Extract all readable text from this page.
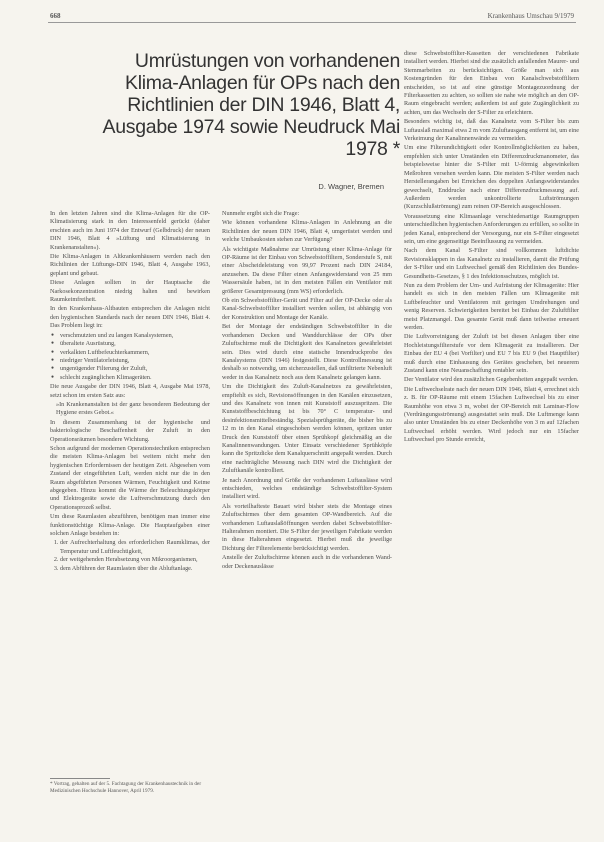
668	Krankenhaus Umschau 9/1979
Umrüstungen von vorhandenen
Klima-Anlagen für OPs nach den
Richtlinien der DIN 1946, Blatt 4,
Ausgabe 1974 sowie Neudruck Mai 1978 *
D. Wagner, Bremen

In den letzten Jahren sind die Klima-Anlagen für die OP-Klimatisierung stark in den Interessenfeld gerückt (daher erschien auch im Juni 1974 der Entwurf (Gelbdruck) der neuen DIN 1946, Blatt 4 »Lüftung und Klimatisierung in Krankenanstalten«).

Die Klima-Anlagen in Altkrankenhäusern werden nach den Richtlinien der Lüftungs-DIN 1946, Blatt 4, Ausgabe 1963, geplant und gebaut.

Diese Anlagen sollten in der Hauptsache die Narkosekonzentration niedrig halten und bewirken Raumkeimfreiheit.

In den Krankenhaus-Altbauten entsprechen die Anlagen nicht den hygienischen Standards nach der neuen DIN 1946, Blatt 4. Das Problem liegt in:

● verschmutzten und zu langen Kanalsystemen,
● überaltete Ausrüstung,
● verkalkten Luftbefeuchterkammern,
● niedriger Ventilatorleistung,
● ungenügender Filterung der Zuluft,
● schlecht zugänglichen Klimageräten.

Die neue Ausgabe der DIN 1946, Blatt 4, Ausgabe Mai 1978, setzt schon im ersten Satz aus:

»In Krankenanstalten ist der ganz besonderen Bedeutung der Hygiene erstes Gebot.«

In diesem Zusammenhang ist der hygienische und bakteriologische Beschaffenheit der Zuluft in den Operationsräumen besondere Wichtung.

Schon aufgrund der modernen Operationstechniken entsprechen die meisten Klima-Anlagen bei weitem nicht mehr den hygienischen Erfordernissen der heutigen Zeit. Abgesehen vom Zustand der eingeführten Luft, werden nicht nur die in den Raum abgeführten Personen Wärmen, Feuchtigkeit und Keime abgegeben. Hinzu kommt die Wärme der Beleuchtungskörper und Elektrogeräte sowie die Luftverschmutzung durch den Operationsprozeß selbst.

Um diese Raumlasten abzuführen, benötigen man immer eine funktionstüchtige Klima-Anlage. Die Hauptaufgaben einer solchen Anlage bestehen in:

1. der Aufrechterhaltung des erforderlichen Raumklimas, der Temperatur und Luftfeuchtigkeit,
2. der weitgehenden Herabsetzung von Mikroorganismen,
3. dem Abführen der Raumlasten über die Abluftanlage.
* Vortrag, gehalten auf der 5. Fachtagung der Krankenhaustechnik in der Medizinischen Hochschule Hannover, April 1979.

Nunmehr ergibt sich die Frage:

Wie können vorhandene Klima-Anlagen in Anlehnung an die Richtlinien der neuen DIN 1946, Blatt 4, umgerüstet werden und welche Umbaukosten stehen zur Verfügung?

Als wichtigste Maßnahme zur Umrüstung einer Klima-Anlage für OP-Räume ist der Einbau von Schwebstoffiltern, Sonderstufe S, mit einer Abscheideleistung von 99,97 Prozent nach DIN 24184, anzusehen. Da diese Filter einen Anfangswiderstand von 25 mm Wassersäule haben, ist in den meisten Fällen ein Ventilator mit größerer Gesamtpressung (mm WS) erforderlich.

Ob ein Schwebstoffilter-Gerät und Filter auf der OP-Decke oder als Kanal-Schwebstoffilter installiert werden sollen, ist abhängig von der Konstruktion und Montage der Kanäle.

Bei der Montage der endständigen Schwebstoffilter in die vorhandenen Decken und Wanddurchlässe der OPs über Zuluftschirme muß die Dichtigkeit des Kanalnetzes gewährleistet sein. Dies wird durch eine statische Innendruckprobe des Kanalsystems (DIN 1946) festgestellt. Diese Kontrollmessung ist deshalb so notwendig, um sicherzustellen, daß unfiltrierte Nebenluft weder in das Kanalnetz noch aus dem Kanalnetz gelangen kann.

Um die Dichtigkeit des Zuluft-Kanalnetzes zu gewährleisten, empfiehlt es sich, Revisionsöffnungen in den Kanälen einzusetzen, und des Kanalnetz von innen mit Kunststoff auszuspritzen. Die Kunststoffbeschichtung ist bis 70° C temperatur- und desinfektionsmittelbeständig. Spezialsprühgeräte, die bisher bis zu 12 m in den Kanal eingeschoben werden können, spritzen unter Druck den Kunststoff über einen Sprühkopf gleichmäßig an die Kanalinnenwandungen. Unter Einsatz verschiedener Sprühköpfe kann die Spritzdicke dem Kanalquerschnitt angepaßt werden. Durch eine nachträgliche Messung nach DIN wird die Dichtigkeit der Zuluftkanäle kontrolliert.

Je nach Anordnung und Größe der vorhandenen Luftauslässe wird entschieden, welches endständige Schwebstoffilter-System installiert wird.

Als vorteilhafteste Bauart wird bisher stets die Montage eines Zuluftschirmes über dem gesamten OP-Wandbereich. Auf die vorhandenen Luftauslaßöffnungen werden dabei Schwebstoffilter-Halterahmen montiert. Die S-Filter der jeweiligen Fabrikate werden in diese Halterahmen eingesetzt. Hierbei muß die jeweilige Dichtung der Filterelemente berücksichtigt werden.

Anstelle der Zuluftschirme können auch in die vorhandenen Wand- oder Deckenauslässe

diese Schwebstoffilter-Kassetten der verschiedenen Fabrikate installiert werden. Hierbei sind die zusätzlich anfallenden Maurer- und Stemmarbeiten zu berücksichtigen. Größe man sich aus Kostengründen für den Einbau von Kanalschwebstoffiltern entscheiden, so ist auf eine günstige Montagezuordnung der Filterkassetten zu achten, so sollten sie nahe wie möglich an den OP-Raum eingebracht werden; außerdem ist auf gute Zugänglichkeit zu achten, um das Wechseln der S-Filter zu erleichtern.

Besonders wichtig ist, daß das Kanalnetz vom S-Filter bis zum Luftauslaß maximal etwa 2 m vom Zuluftausgang entfernt ist, um eine Verkeimung der Kanalinnenwände zu vermeiden.

Um eine Filterundichtigkeit oder Kontrollmöglichkeiten zu haben, empfehlen sich unter Umständen ein Differenzdruckmanometer, das beispielsweise hinter die S-Filter mit U-förmig abgewinkelten Meßrohren versehen werden kann. Die meisten S-Filter werden nach Herstellerangaben bei Erreichen des doppelten Anfangswiderstandes gewechselt, Enddrucke nach einer Differenzdruckmessung auf. Außerdem werden unkontrollierte Luftströmungen (Kurzschlußströmung) zum reinen OP-Bereich ausgeschlossen.

Voraussetzung eine Klimaanlage verschiedenartige Raumgruppen unterschiedlichen hygienischen Anforderungen zu erfüllen, so sollte in jeden Kanal, entsprechend der Versorgung, nur ein S-Filter eingesetzt sein, um eine gegenseitige Beeinflussung zu vermeiden.

Nach dem Kanal S-Filter sind vollkommen luftdichte Revisionsklappen in das Kanalnetz zu installieren, damit die Prüfung der S-Filter und ein Luftwechsel gemäß den Richtlinien des Bundes-Gesundheits-Gesetzes, § 1 des Infektionsschutzes, möglich ist.

Nun zu dem Problem der Um- und Aufrüstung der Klimageräte: Hier handelt es sich in den meisten Fällen um Klimageräte mit Luftbefeuchter und Ventilatoren mit geringen Umdrehungen und wenig Reserven. Schwierigkeiten bereitet bei Einbau der Zuluftfilter meist Platzmangel. Das gesamte Gerät muß dann teilweise erneuert werden.

Die Luftvorreinigung der Zuluft ist bei diesen Anlagen über eine Hochleistungsfilterstufe vor dem Klimagerät zu installieren. Der Einbau der EU 4 (bei Vorfilter) und EU 7 bis EU 9 (bei Hauptfilter) muß durch eine Einhausung des Gerätes geschehen, bei neuerem Zustand kann eine Neuanschaffung rentabler sein.

Der Ventilator wird den zusätzlichen Gegebenheiten angepaßt werden.

Die Luftwechselrate nach der neuen DIN 1946, Blatt 4, errechnet sich z. B. für OP-Räume mit einem 15fachen Luftwechsel bis zu einer Raumhöhe von etwa 3 m, wobei der OP-Bereich mit Laminar-Flow (Verdrängungsströmung) ausgestattet sein muß. Die Luftmenge kann also unter Umständen bis zu einer Deckenhöhe von 3 m auf 12fachen Luftwechsel erhöht werden. Wird jedoch nur ein 15facher Luftwechsel pro Stunde erreicht,
